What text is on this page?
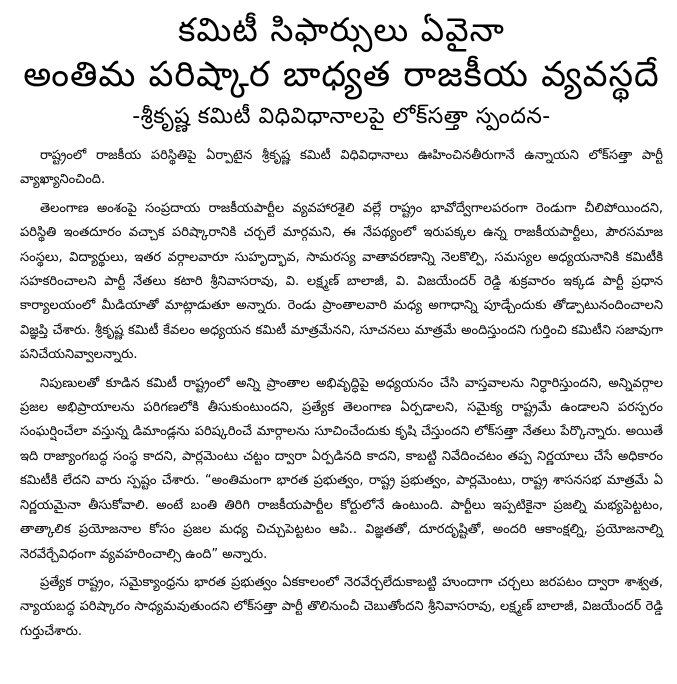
కమిటీ సిఫార్సులు ఏవైనా
అంతిమ పరిష్కార బాధ్యత రాజకీయ వ్యవస్థదే
-శ్రీకృష్ణ కమిటీ విధివిధానాలపై లోక్‌సత్తా స్పందన-

రాష్ట్రంలో రాజకీయ పరిస్థితిపై ఏర్పాటైన శ్రీకృష్ణ కమిటీ విధివిధానాలు ఊహించినతీరుగానే ఉన్నాయని లోక్‌సత్తా పార్టీ వ్యాఖ్యానించింది.

తెలంగాణ అంశంపై సంప్రదాయ రాజకీయపార్టీల వ్యవహారశైలి వల్లే రాష్ట్రం భావోద్వేగాలపరంగా రెండుగా చీలిపోయిందని, పరిస్థితి ఇంతదూరం వచ్చాక పరిష్కారానికి చర్చలే మార్గమని, ఈ నేపథ్యంలో ఇరుపక్కల ఉన్న రాజకీయపార్టీలు, పౌరసమాజ సంస్థలు, విద్యార్థులు, ఇతర వర్గాలవారూ సుహృద్భావ, సామరస్య వాతావరణాన్ని నెలకొల్పి, సమస్యల అధ్యయనానికి కమిటీకి సహకరించాలని పార్టీ నేతలు కటారి శ్రీనివాసరావు, వి. లక్ష్మణ్ బాలాజీ, వి. విజయేందర్ రెడ్డి శుక్రవారం ఇక్కడ పార్టీ ప్రధాన కార్యాలయంలో మీడియాతో మాట్లాడుతూ అన్నారు. రెండు ప్రాంతాలవారి మధ్య అగాధాన్ని పూడ్చేందుకు తోడ్పాటునందించాలని విజ్ఞప్తి చేశారు. శ్రీకృష్ణ కమిటీ కేవలం అధ్యయన కమిటీ మాత్రమేనని, సూచనలు మాత్రమే అందిస్తుందని గుర్తించి కమిటీని సజావుగా పనిచేయనివ్వాలన్నారు.

నిపుణులతో కూడిన కమిటీ రాష్ట్రంలో అన్ని ప్రాంతాల అభివృద్ధిపై అధ్యయనం చేసి వాస్తవాలను నిర్ధారిస్తుందని, అన్నివర్గాల ప్రజల అభిప్రాయాలను పరిగణలోకి తీసుకుంటుందని, ప్రత్యేక తెలంగాణ ఏర్పడాలని, సమైక్య రాష్ట్రమే ఉండాలని పరస్పరం సంఘర్షించేలా వస్తున్న డిమాండ్లను పరిష్కరించే మార్గాలను సూచించేందుకు కృషి చేస్తుందని లోక్‌సత్తా నేతలు పేర్కొన్నారు. అయితే ఇది రాజ్యాంగబద్ధ సంస్థ కాదని, పార్లమెంటు చట్టం ద్వారా ఏర్పడినది కాదని, కాబట్టి నివేదించటం తప్ప నిర్ణయాలు చేసే అధికారం కమిటీకి లేదని వారు స్పష్టం చేశారు. “అంతిమంగా భారత ప్రభుత్వం, రాష్ట్ర ప్రభుత్వం, పార్లమెంటు, రాష్ట్ర శాసనసభ మాత్రమే ఏ నిర్ణయమైనా తీసుకోవాలి. అంటే బంతి తిరిగి రాజకీయపార్టీల కోర్టులోనే ఉంటుంది. పార్టీలు ఇప్పటికైనా ప్రజల్ని మభ్యపెట్టటం, తాత్కాలిక ప్రయోజనాల కోసం ప్రజల మధ్య చిచ్చుపెట్టటం ఆపి.. విజ్ఞతతో, దూరదృష్టితో, అందరి ఆకాంక్షల్ని, ప్రయోజనాల్ని నెరవేర్చేవిధంగా వ్యవహరించాల్సి ఉంది” అన్నారు.

ప్రత్యేక రాష్ట్రం, సమైక్యాంధ్రను భారత ప్రభుత్వం ఏకకాలంలో నెరవేర్చలేదుకాబట్టి హుందాగా చర్చలు జరపటం ద్వారా శాశ్వత, న్యాయబద్ధ పరిష్కారం సాధ్యమవుతుందని లోక్‌సత్తా పార్టీ తొలినుంచీ చెబుతోందని శ్రీనివాసరావు, లక్ష్మణ్ బాలాజీ, విజయేందర్ రెడ్డి గుర్తుచేశారు.
